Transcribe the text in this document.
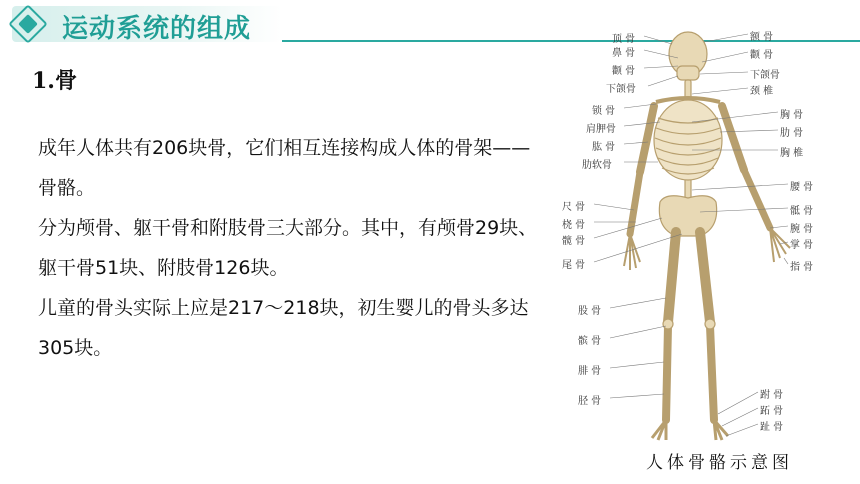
运动系统的组成
1.骨

成年人体共有206块骨，它们相互连接构成人体的骨架——骨骼。

分为颅骨、躯干骨和附肢骨三大部分。其中，有颅骨29块、躯干骨51块、附肢骨126块。

儿童的骨头实际上应是217～218块，初生婴儿的骨头多达305块。

顶 骨
鼻 骨
颧 骨
下颌骨
锁 骨
肩胛骨
肱 骨
肋软骨
尺 骨
桡 骨
髋 骨
尾 骨
股 骨
髌 骨
腓 骨
胫 骨
额 骨
颧 骨
下颌骨
颈 椎
胸 骨
肋 骨
胸 椎
腰 骨
骶 骨
腕 骨
掌 骨
指 骨
跗 骨
跖 骨
趾 骨
人体骨骼示意图
